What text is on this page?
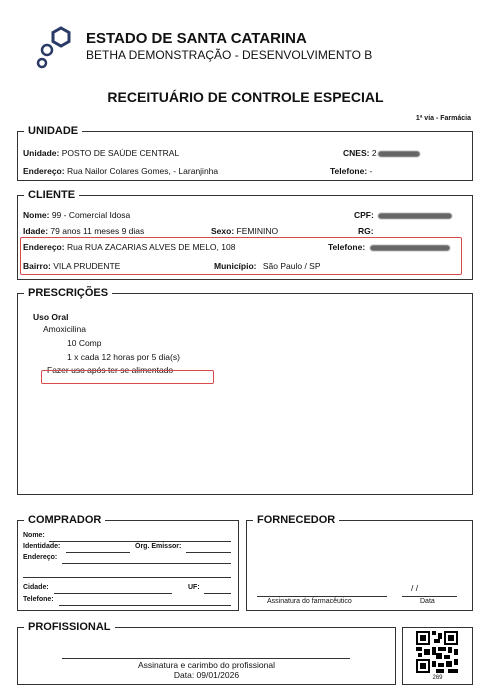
ESTADO DE SANTA CATARINA
BETHA DEMONSTRAÇÃO - DESENVOLVIMENTO B
RECEITUÁRIO DE CONTROLE ESPECIAL
1ª via - Farmácia
UNIDADE
Unidade: POSTO DE SAÚDE CENTRAL	CNES: 2
Endereço: Rua Nailor Colares Gomes, - Laranjinha	Telefone: -
CLIENTE
Nome: 99 - Comercial Idosa	CPF:
Idade: 79 anos 11 meses 9 dias	Sexo: FEMININO	RG:
Endereço: Rua RUA ZACARIAS ALVES DE MELO, 108	Telefone:
Bairro: VILA PRUDENTE	Município: São Paulo / SP
PRESCRIÇÕES
Uso Oral
Amoxicilina
10 Comp
1 x cada 12 horas por 5 dia(s)
Fazer uso após ter se alimentado
COMPRADOR
Nome:
Identidade:	Órg. Emissor:
Endereço:
Cidade:	UF:
Telefone:
FORNECEDOR
/ /
Assinatura do farmacêutico	Data
PROFISSIONAL
Assinatura e carimbo do profissional
Data: 09/01/2026	269
